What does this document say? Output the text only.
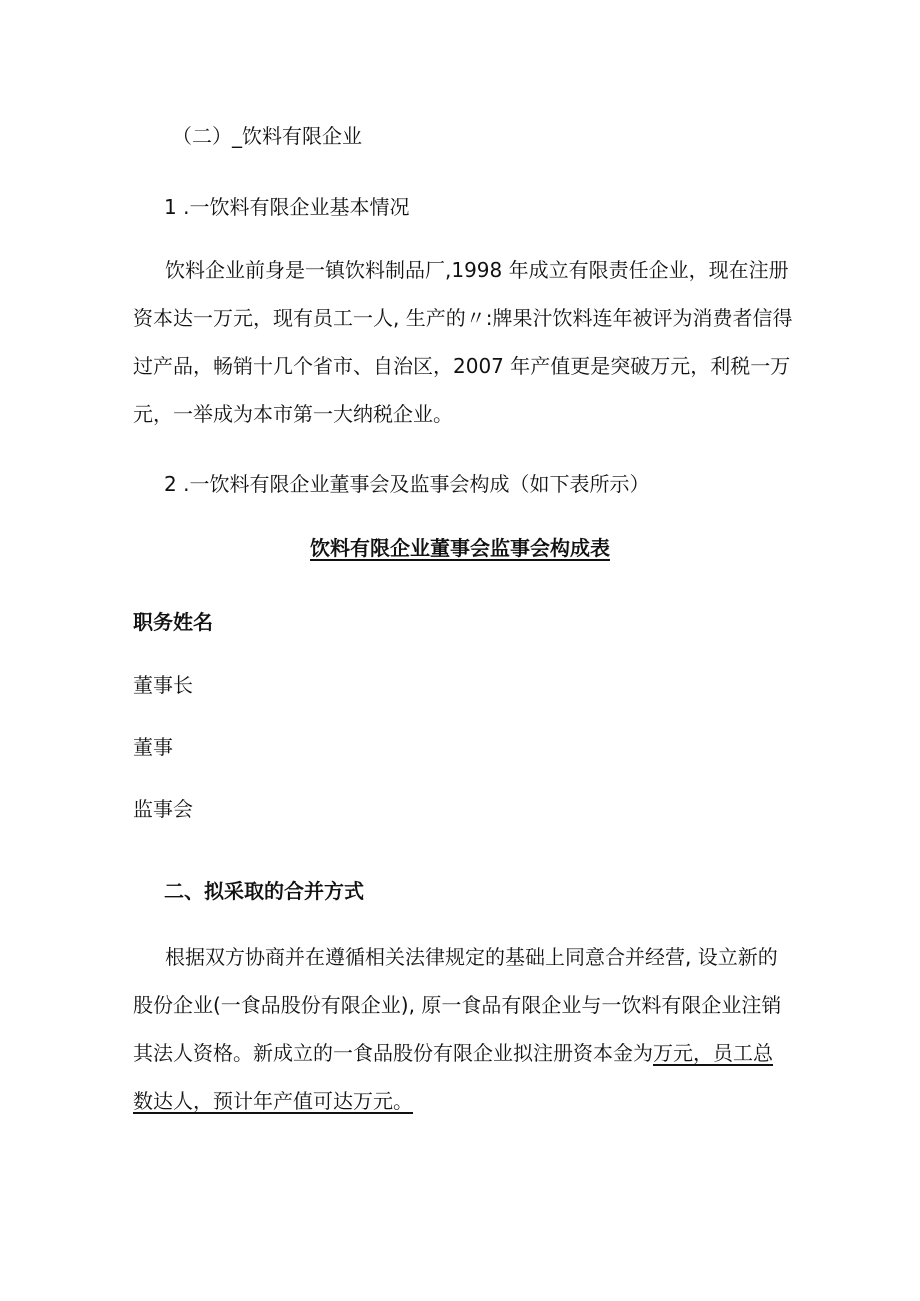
（二）_饮料有限企业

1 .一饮料有限企业基本情况

饮料企业前身是一镇饮料制品厂,1998 年成立有限责任企业，现在注册
资本达一万元，现有员工一人, 生产的〃:牌果汁饮料连年被评为消费者信得
过产品，畅销十几个省市、自治区，2007 年产值更是突破万元，利税一万
元，一举成为本市第一大纳税企业。

2 .一饮料有限企业董事会及监事会构成（如下表所示）

饮料有限企业董事会监事会构成表

职务姓名

董事长

董事

监事会

二、拟采取的合并方式

根据双方协商并在遵循相关法律规定的基础上同意合并经营, 设立新的
股份企业(一食品股份有限企业), 原一食品有限企业与一饮料有限企业注销
其法人资格。新成立的一食品股份有限企业拟注册资本金为万元，员工总
数达人，预计年产值可达万元。
